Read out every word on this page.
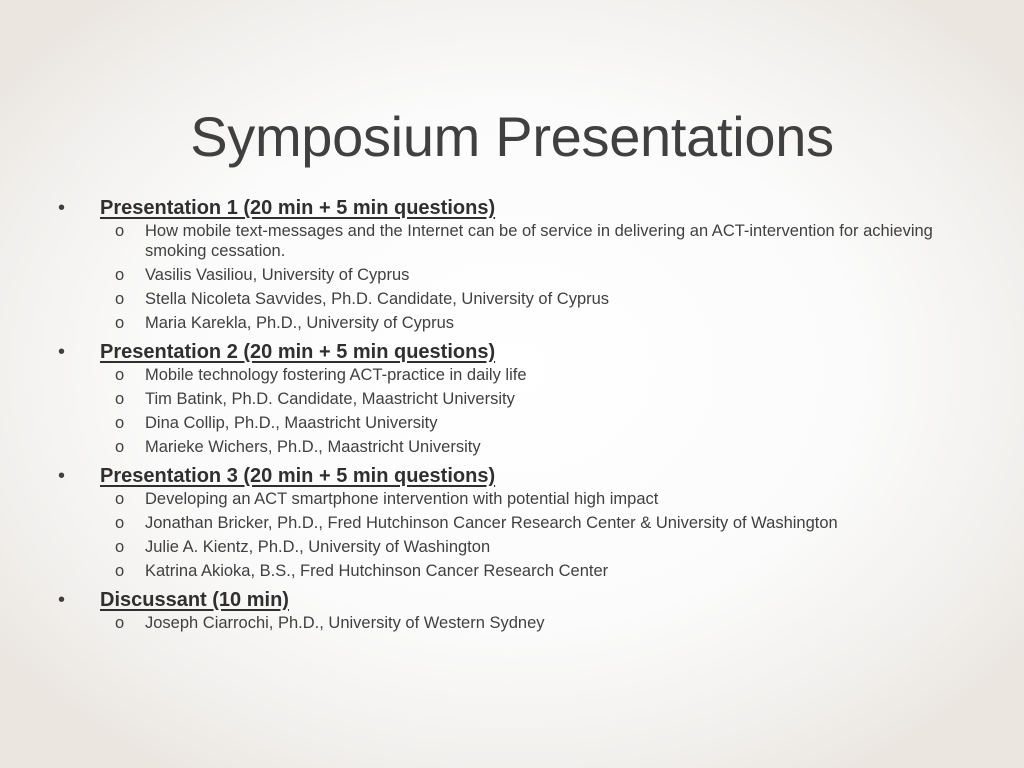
Symposium Presentations
• Presentation 1 (20 min + 5 min questions)
o How mobile text-messages and the Internet can be of service in delivering an ACT-intervention for achieving smoking cessation.
o Vasilis Vasiliou, University of Cyprus
o Stella Nicoleta Savvides, Ph.D. Candidate, University of Cyprus
o Maria Karekla, Ph.D., University of Cyprus
• Presentation 2 (20 min + 5 min questions)
o Mobile technology fostering ACT-practice in daily life
o Tim Batink, Ph.D. Candidate, Maastricht University
o Dina Collip, Ph.D., Maastricht University
o Marieke Wichers, Ph.D., Maastricht University
• Presentation 3 (20 min + 5 min questions)
o Developing an ACT smartphone intervention with potential high impact
o Jonathan Bricker, Ph.D., Fred Hutchinson Cancer Research Center & University of Washington
o Julie A. Kientz, Ph.D., University of Washington
o Katrina Akioka, B.S., Fred Hutchinson Cancer Research Center
• Discussant (10 min)
o Joseph Ciarrochi, Ph.D., University of Western Sydney
